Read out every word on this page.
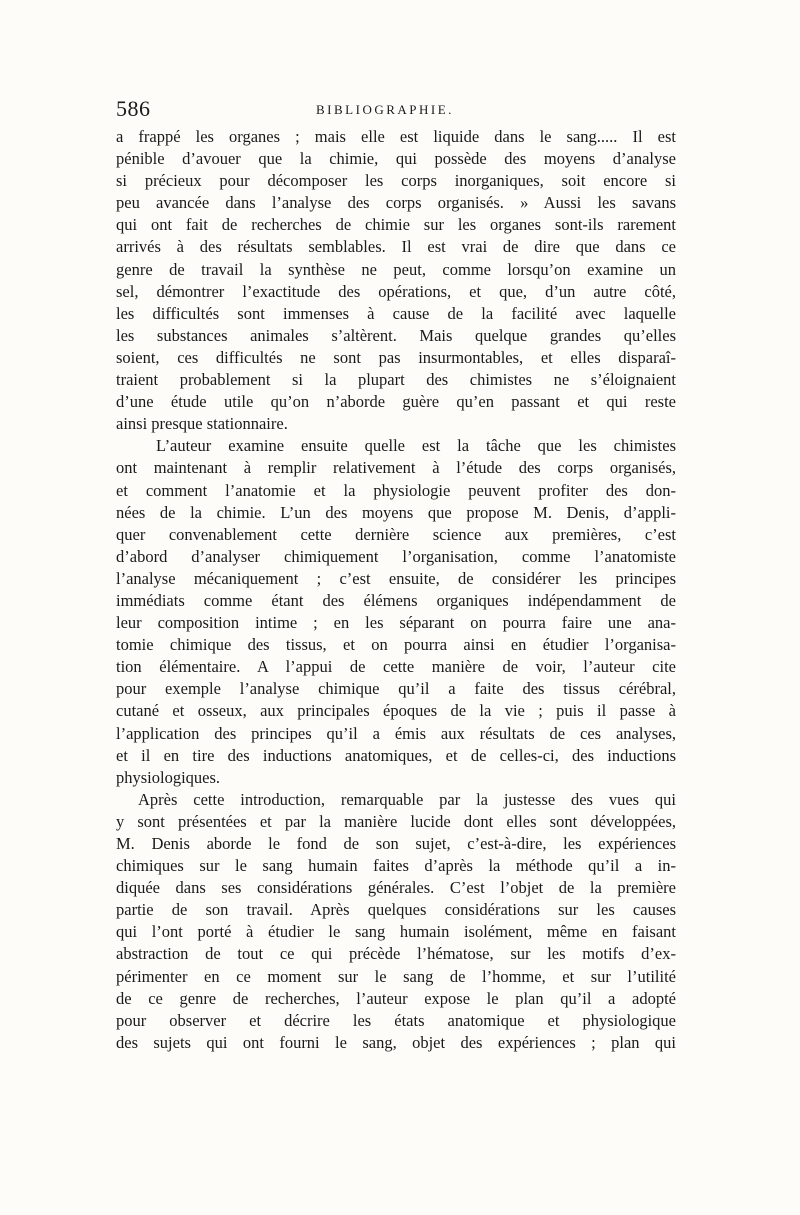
586	BIBLIOGRAPHIE.
a frappé les organes ; mais elle est liquide dans le sang..... Il est
pénible d’avouer que la chimie, qui possède des moyens d’analyse
si précieux pour décomposer les corps inorganiques, soit encore si
peu avancée dans l’analyse des corps organisés. » Aussi les savans
qui ont fait de recherches de chimie sur les organes sont-ils rarement
arrivés à des résultats semblables. Il est vrai de dire que dans ce
genre de travail la synthèse ne peut, comme lorsqu’on examine un
sel, démontrer l’exactitude des opérations, et que, d’un autre côté,
les difficultés sont immenses à cause de la facilité avec laquelle
les substances animales s’altèrent. Mais quelque grandes qu’elles
soient, ces difficultés ne sont pas insurmontables, et elles disparaî-
traient probablement si la plupart des chimistes ne s’éloignaient
d’une étude utile qu’on n’aborde guère qu’en passant et qui reste
ainsi presque stationnaire.
L’auteur examine ensuite quelle est la tâche que les chimistes
ont maintenant à remplir relativement à l’étude des corps organisés,
et comment l’anatomie et la physiologie peuvent profiter des don-
nées de la chimie. L’un des moyens que propose M. Denis, d’appli-
quer convenablement cette dernière science aux premières, c’est
d’abord d’analyser chimiquement l’organisation, comme l’anatomiste
l’analyse mécaniquement ; c’est ensuite, de considérer les principes
immédiats comme étant des élémens organiques indépendamment de
leur composition intime ; en les séparant on pourra faire une ana-
tomie chimique des tissus, et on pourra ainsi en étudier l’organisa-
tion élémentaire. A l’appui de cette manière de voir, l’auteur cite
pour exemple l’analyse chimique qu’il a faite des tissus cérébral,
cutané et osseux, aux principales époques de la vie ; puis il passe à
l’application des principes qu’il a émis aux résultats de ces analyses,
et il en tire des inductions anatomiques, et de celles-ci, des inductions
physiologiques.
Après cette introduction, remarquable par la justesse des vues qui
y sont présentées et par la manière lucide dont elles sont développées,
M. Denis aborde le fond de son sujet, c’est-à-dire, les expériences
chimiques sur le sang humain faites d’après la méthode qu’il a in-
diquée dans ses considérations générales. C’est l’objet de la première
partie de son travail. Après quelques considérations sur les causes
qui l’ont porté à étudier le sang humain isolément, même en faisant
abstraction de tout ce qui précède l’hématose, sur les motifs d’ex-
périmenter en ce moment sur le sang de l’homme, et sur l’utilité
de ce genre de recherches, l’auteur expose le plan qu’il a adopté
pour observer et décrire les états anatomique et physiologique
des sujets qui ont fourni le sang, objet des expériences ; plan qui
